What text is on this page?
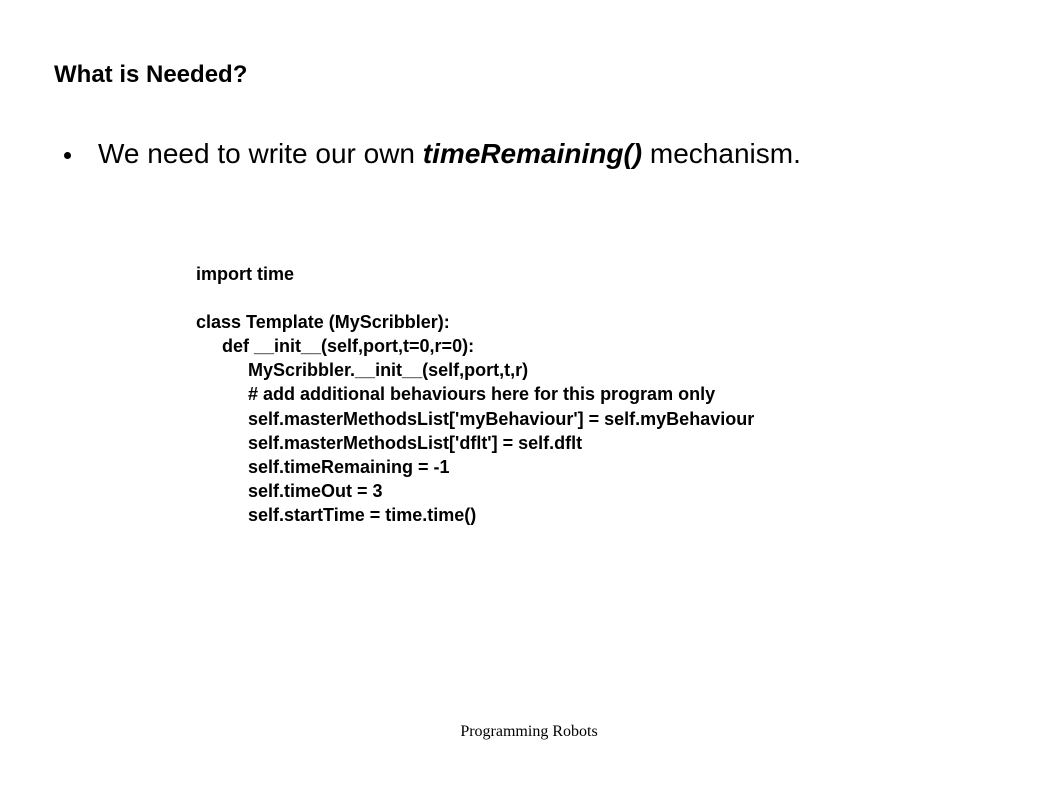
What is Needed?
We need to write our own timeRemaining() mechanism.
import time
class Template (MyScribbler):
def __init__(self,port,t=0,r=0):
MyScribbler.__init__(self,port,t,r)
# add additional behaviours here for this program only
self.masterMethodsList['myBehaviour'] = self.myBehaviour
self.masterMethodsList['dflt'] = self.dflt
self.timeRemaining = -1
self.timeOut = 3
self.startTime = time.time()
Programming Robots
